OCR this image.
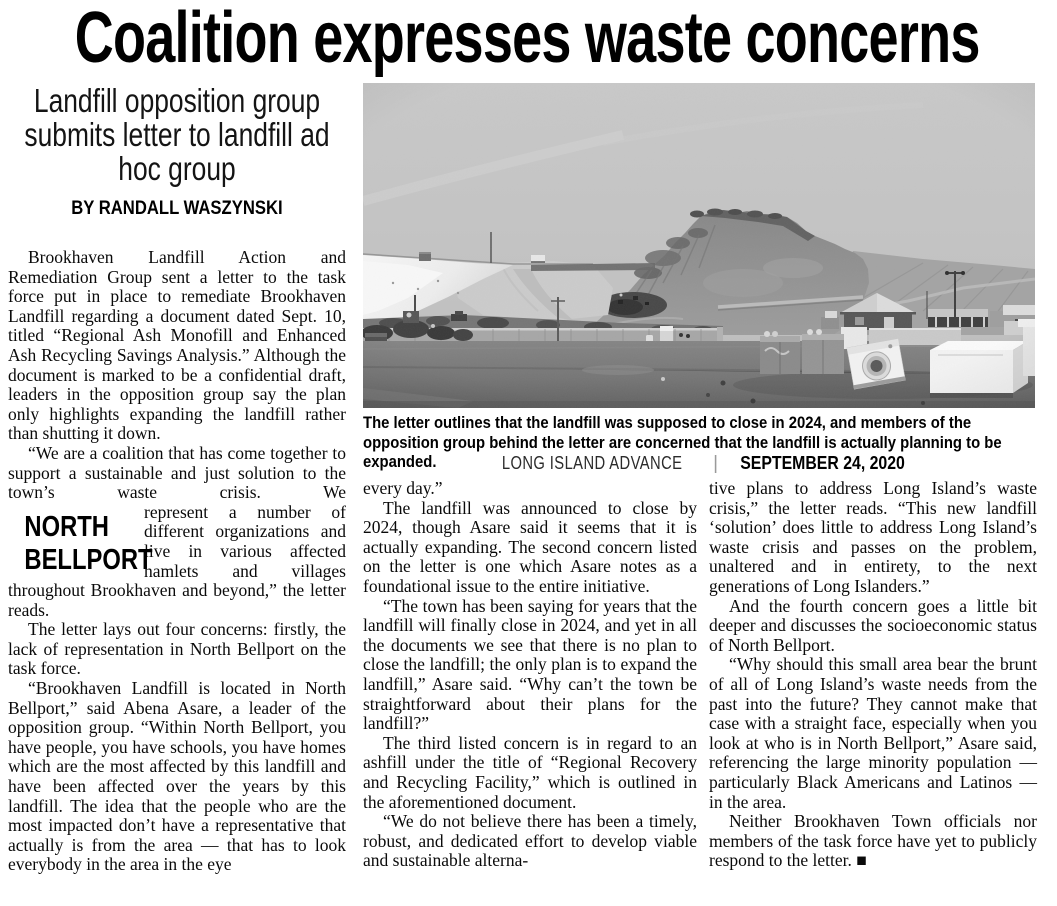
Coalition expresses waste concerns
Landfill opposition group
submits letter to landfill ad
hoc group
BY RANDALL WASZYNSKI

Brookhaven Landfill Action and Remediation Group sent a letter to the task force put in place to remediate Brookhaven Landfill regarding a document dated Sept. 10, titled “Regional Ash Monofill and Enhanced Ash Recycling Savings Analysis.” Although the document is marked to be a confidential draft, leaders in the opposition group say the plan only highlights expanding the landfill rather than shutting it down.

“We are a coalition that has come together to support a sustainable and just solution to the town’s waste crisis. We rep
NORTH
BELLPORT
resent a number of different organizations and live in various affected hamlets and villages throughout Brookhaven and beyond,” the letter reads.

The letter lays out four concerns: firstly, the lack of representation in North Bellport on the task force.

“Brookhaven Landfill is located in North Bellport,” said Abena Asare, a leader of the opposition group. “Within North Bellport, you have people, you have schools, you have homes which are the most affected by this landfill and have been affected over the years by this landfill. The idea that the people who are the most impacted don’t have a representative that actually is from the area — that has to look everybody in the area in the eye

The letter outlines that the landfill was supposed to close in 2024, and members of the opposition group behind the letter are concerned that the landfill is actually planning to be expanded.	LONG ISLAND ADVANCE | SEPTEMBER 24, 2020

every day.”

The landfill was announced to close by 2024, though Asare said it seems that it is actually expanding. The second concern listed on the letter is one which Asare notes as a foundational issue to the entire initiative.

“The town has been saying for years that the landfill will finally close in 2024, and yet in all the documents we see that there is no plan to close the landfill; the only plan is to expand the landfill,” Asare said. “Why can’t the town be straightforward about their plans for the landfill?”

The third listed concern is in regard to an ashfill under the title of “Regional Recovery and Recycling Facility,” which is outlined in the aforementioned document.

“We do not believe there has been a timely, robust, and dedicated effort to develop viable and sustainable alterna-

tive plans to address Long Island’s waste crisis,” the letter reads. “This new landfill ‘solution’ does little to address Long Island’s waste crisis and passes on the problem, unaltered and in entirety, to the next generations of Long Islanders.”

And the fourth concern goes a little bit deeper and discusses the socioeconomic status of North Bellport.

“Why should this small area bear the brunt of all of Long Island’s waste needs from the past into the future? They cannot make that case with a straight face, especially when you look at who is in North Bellport,” Asare said, referencing the large minority population — particularly Black Americans and Latinos — in the area.

Neither Brookhaven Town officials nor members of the task force have yet to publicly respond to the letter. ■
